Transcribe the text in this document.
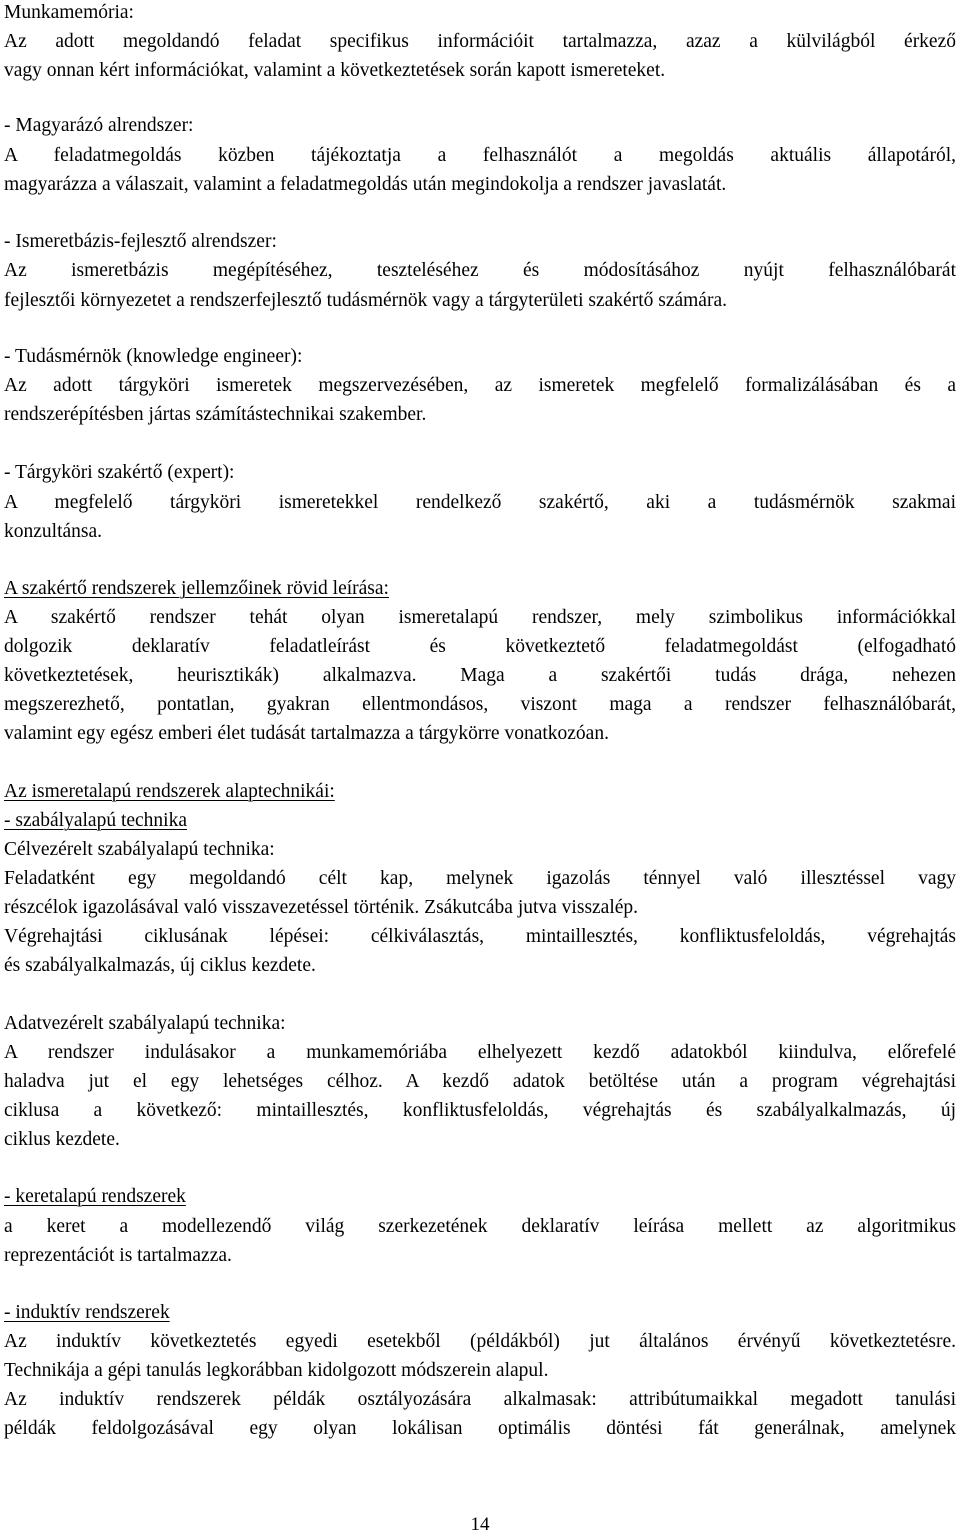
Munkamemória:
Az adott megoldandó feladat specifikus információit tartalmazza, azaz a külvilágból érkező
vagy onnan kért információkat, valamint a következtetések során kapott ismereteket.
- Magyarázó alrendszer:
A feladatmegoldás közben tájékoztatja a felhasználót a megoldás aktuális állapotáról,
magyarázza a válaszait, valamint a feladatmegoldás után megindokolja a rendszer javaslatát.
- Ismeretbázis-fejlesztő alrendszer:
Az ismeretbázis megépítéséhez, teszteléséhez és módosításához nyújt felhasználóbarát
fejlesztői környezetet a rendszerfejlesztő tudásmérnök vagy a tárgyterületi szakértő számára.
- Tudásmérnök (knowledge engineer):
Az adott tárgyköri ismeretek megszervezésében, az ismeretek megfelelő formalizálásában és a
rendszerépítésben jártas számítástechnikai szakember.
- Tárgyköri szakértő (expert):
A megfelelő tárgyköri ismeretekkel rendelkező szakértő, aki a tudásmérnök szakmai
konzultánsa.
A szakértő rendszerek jellemzőinek rövid leírása:
A szakértő rendszer tehát olyan ismeretalapú rendszer, mely szimbolikus információkkal
dolgozik deklaratív feladatleírást és következtető feladatmegoldást (elfogadható
következtetések, heurisztikák) alkalmazva. Maga a szakértői tudás drága, nehezen
megszerezhető, pontatlan, gyakran ellentmondásos, viszont maga a rendszer felhasználóbarát,
valamint egy egész emberi élet tudását tartalmazza a tárgykörre vonatkozóan.
Az ismeretalapú rendszerek alaptechnikái:
- szabályalapú technika
Célvezérelt szabályalapú technika:
Feladatként egy megoldandó célt kap, melynek igazolás ténnyel való illesztéssel vagy
részcélok igazolásával való visszavezetéssel történik. Zsákutcába jutva visszalép.
Végrehajtási ciklusának lépései: célkiválasztás, mintaillesztés, konfliktusfeloldás, végrehajtás
és szabályalkalmazás, új ciklus kezdete.
Adatvezérelt szabályalapú technika:
A rendszer indulásakor a munkamemóriába elhelyezett kezdő adatokból kiindulva, előrefelé
haladva jut el egy lehetséges célhoz. A kezdő adatok betöltése után a program végrehajtási
ciklusa a következő: mintaillesztés, konfliktusfeloldás, végrehajtás és szabályalkalmazás, új
ciklus kezdete.
- keretalapú rendszerek
a keret a modellezendő világ szerkezetének deklaratív leírása mellett az algoritmikus
reprezentációt is tartalmazza.
- induktív rendszerek
Az induktív következtetés egyedi esetekből (példákból) jut általános érvényű következtetésre.
Technikája a gépi tanulás legkorábban kidolgozott módszerein alapul.
Az induktív rendszerek példák osztályozására alkalmasak: attribútumaikkal megadott tanulási
példák feldolgozásával egy olyan lokálisan optimális döntési fát generálnak, amelynek
14
